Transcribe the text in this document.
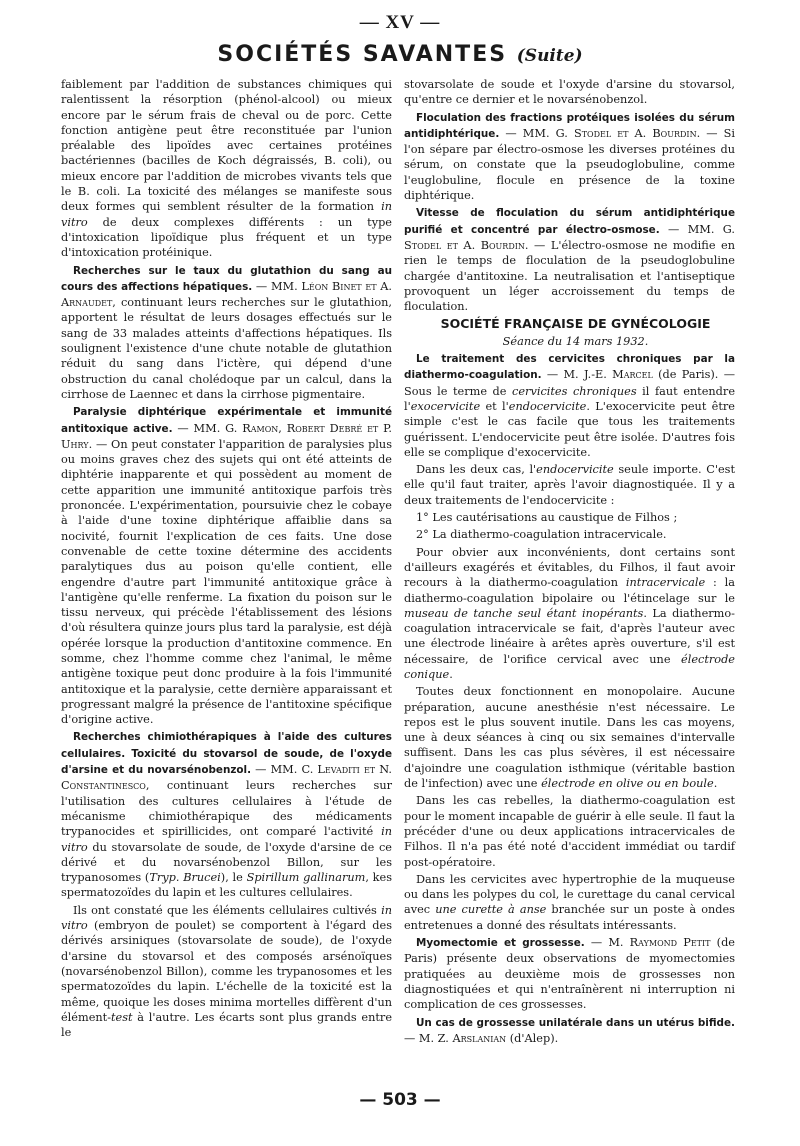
— XV —
SOCIÉTÉS SAVANTES (Suite)

faiblement par l'addition de substances chimiques qui ralentissent la résorption (phénol-alcool) ou mieux encore par le sérum frais de cheval ou de porc. Cette fonction antigène peut être reconstituée par l'union préalable des lipoïdes avec certaines protéines bactériennes (bacilles de Koch dégraissés, B. coli), ou mieux encore par l'addition de microbes vivants tels que le B. coli. La toxicité des mélanges se manifeste sous deux formes qui semblent résulter de la formation in vitro de deux complexes différents : un type d'intoxication lipoïdique plus fréquent et un type d'intoxication protéinique.

Recherches sur le taux du glutathion du sang au cours des affections hépatiques. — MM. Léon Binet et A. Arnaudet, continuant leurs recherches sur le glutathion, apportent le résultat de leurs dosages effectués sur le sang de 33 malades atteints d'affections hépatiques. Ils soulignent l'existence d'une chute notable de glutathion réduit du sang dans l'ictère, qui dépend d'une obstruction du canal cholédoque par un calcul, dans la cirrhose de Laennec et dans la cirrhose pigmentaire.

Paralysie diphtérique expérimentale et immunité antitoxique active. — MM. G. Ramon, Robert Debré et P. Uhry. — On peut constater l'apparition de paralysies plus ou moins graves chez des sujets qui ont été atteints de diphtérie inapparente et qui possèdent au moment de cette apparition une immunité antitoxique parfois très prononcée. L'expérimentation, poursuivie chez le cobaye à l'aide d'une toxine diphtérique affaiblie dans sa nocivité, fournit l'explication de ces faits. Une dose convenable de cette toxine détermine des accidents paralytiques dus au poison qu'elle contient, elle engendre d'autre part l'immunité antitoxique grâce à l'antigène qu'elle renferme. La fixation du poison sur le tissu nerveux, qui précède l'établissement des lésions d'où résultera quinze jours plus tard la paralysie, est déjà opérée lorsque la production d'antitoxine commence. En somme, chez l'homme comme chez l'animal, le même antigène toxique peut donc produire à la fois l'immunité antitoxique et la paralysie, cette dernière apparaissant et progressant malgré la présence de l'antitoxine spécifique d'origine active.

Recherches chimiothérapiques à l'aide des cultures cellulaires. Toxicité du stovarsol de soude, de l'oxyde d'arsine et du novarsénobenzol. — MM. C. Levaditi et N. Constantinesco, continuant leurs recherches sur l'utilisation des cultures cellulaires à l'étude de mécanisme chimiothérapique des médicaments trypanocides et spirillicides, ont comparé l'activité in vitro du stovarsolate de soude, de l'oxyde d'arsine de ce dérivé et du novarsénobenzol Billon, sur les trypanosomes (Tryp. Brucei), le Spirillum gallinarum, kes spermatozoïdes du lapin et les cultures cellulaires.

Ils ont constaté que les éléments cellulaires cultivés in vitro (embryon de poulet) se comportent à l'égard des dérivés arsiniques (stovarsolate de soude), de l'oxyde d'arsine du stovarsol et des composés arsénoïques (novarsénobenzol Billon), comme les trypanosomes et les spermatozoïdes du lapin. L'échelle de la toxicité est la même, quoique les doses minima mortelles diffèrent d'un élément-test à l'autre. Les écarts sont plus grands entre le

stovarsolate de soude et l'oxyde d'arsine du stovarsol, qu'entre ce dernier et le novarsénobenzol.

Floculation des fractions protéiques isolées du sérum antidiphtérique. — MM. G. Stodel et A. Bourdin. — Si l'on sépare par électro-osmose les diverses protéines du sérum, on constate que la pseudoglobuline, comme l'euglobuline, flocule en présence de la toxine diphtérique.

Vitesse de floculation du sérum antidiphtérique purifié et concentré par électro-osmose. — MM. G. Stodel et A. Bourdin. — L'électro-osmose ne modifie en rien le temps de floculation de la pseudoglobuline chargée d'antitoxine. La neutralisation et l'antiseptique provoquent un léger accroissement du temps de floculation.

SOCIÉTÉ FRANÇAISE DE GYNÉCOLOGIE

Séance du 14 mars 1932.

Le traitement des cervicites chroniques par la diathermo-coagulation. — M. J.-E. Marcel (de Paris). — Sous le terme de cervicites chroniques il faut entendre l'exocervicite et l'endocervicite. L'exocervicite peut être simple c'est le cas facile que tous les traitements guérissent. L'endocervicite peut être isolée. D'autres fois elle se complique d'exocervicite.

Dans les deux cas, l'endocervicite seule importe. C'est elle qu'il faut traiter, après l'avoir diagnostiquée. Il y a deux traitements de l'endocervicite :

1° Les cautérisations au caustique de Filhos ;

2° La diathermo-coagulation intracervicale.

Pour obvier aux inconvénients, dont certains sont d'ailleurs exagérés et évitables, du Filhos, il faut avoir recours à la diathermo-coagulation intracervicale : la diathermo-coagulation bipolaire ou l'étincelage sur le museau de tanche seul étant inopérants. La diathermo-coagulation intracervicale se fait, d'après l'auteur avec une électrode linéaire à arêtes après ouverture, s'il est nécessaire, de l'orifice cervical avec une électrode conique.

Toutes deux fonctionnent en monopolaire. Aucune préparation, aucune anesthésie n'est nécessaire. Le repos est le plus souvent inutile. Dans les cas moyens, une à deux séances à cinq ou six semaines d'intervalle suffisent. Dans les cas plus sévères, il est nécessaire d'ajoindre une coagulation isthmique (véritable bastion de l'infection) avec une électrode en olive ou en boule.

Dans les cas rebelles, la diathermo-coagulation est pour le moment incapable de guérir à elle seule. Il faut la précéder d'une ou deux applications intracervicales de Filhos. Il n'a pas été noté d'accident immédiat ou tardif post-opératoire.

Dans les cervicites avec hypertrophie de la muqueuse ou dans les polypes du col, le curettage du canal cervical avec une curette à anse branchée sur un poste à ondes entretenues a donné des résultats intéressants.

Myomectomie et grossesse. — M. Raymond Petit (de Paris) présente deux observations de myomectomies pratiquées au deuxième mois de grossesses non diagnostiquées et qui n'entraînèrent ni interruption ni complication de ces grossesses.

Un cas de grossesse unilatérale dans un utérus bifide. — M. Z. Arslanian (d'Alep).

— 503 —
